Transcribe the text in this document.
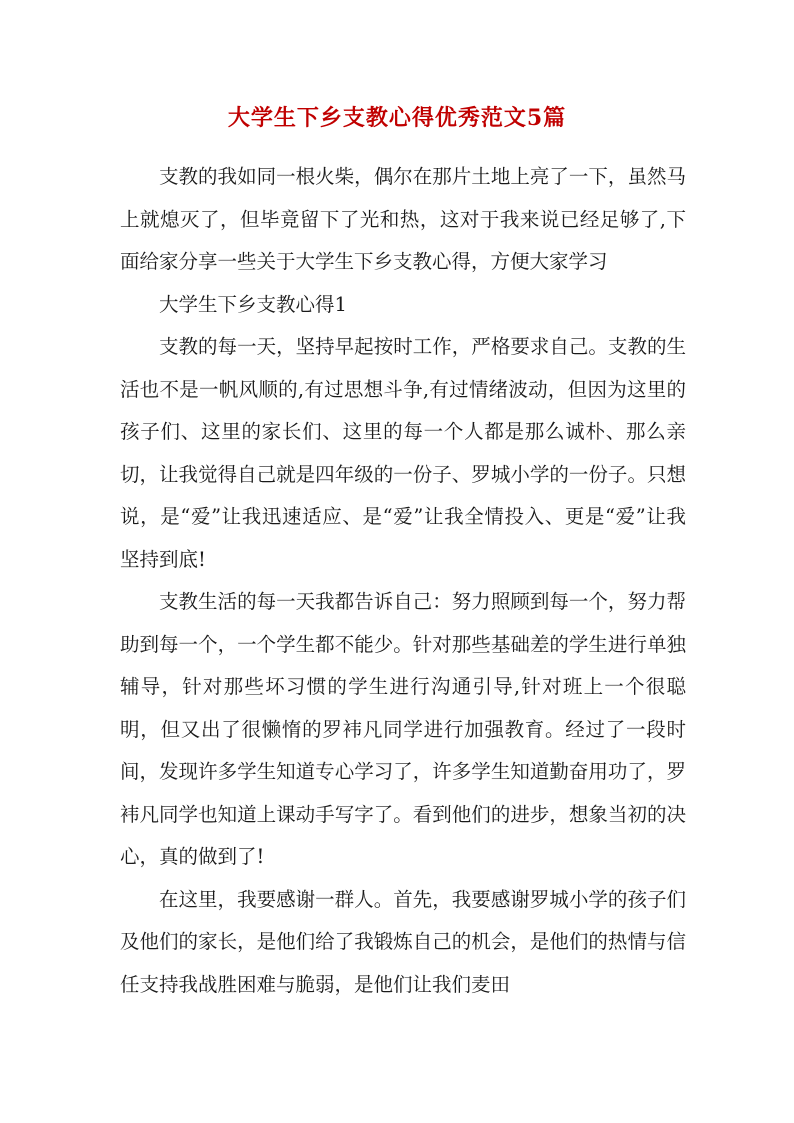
大学生下乡支教心得优秀范文5篇

支教的我如同一根火柴，偶尔在那片土地上亮了一下，虽然马上就熄灭了，但毕竟留下了光和热，这对于我来说已经足够了,下面给家分享一些关于大学生下乡支教心得，方便大家学习

大学生下乡支教心得1

支教的每一天，坚持早起按时工作，严格要求自己。支教的生活也不是一帆风顺的,有过思想斗争,有过情绪波动，但因为这里的孩子们、这里的家长们、这里的每一个人都是那么诚朴、那么亲切，让我觉得自己就是四年级的一份子、罗城小学的一份子。只想说，是“爱”让我迅速适应、是“爱”让我全情投入、更是“爱”让我坚持到底!

支教生活的每一天我都告诉自己：努力照顾到每一个，努力帮助到每一个，一个学生都不能少。针对那些基础差的学生进行单独辅导，针对那些坏习惯的学生进行沟通引导,针对班上一个很聪明，但又出了很懒惰的罗袆凡同学进行加强教育。经过了一段时间，发现许多学生知道专心学习了，许多学生知道勤奋用功了，罗袆凡同学也知道上课动手写字了。看到他们的进步，想象当初的决心，真的做到了!

在这里，我要感谢一群人。首先，我要感谢罗城小学的孩子们及他们的家长，是他们给了我锻炼自己的机会，是他们的热情与信任支持我战胜困难与脆弱，是他们让我们麦田
